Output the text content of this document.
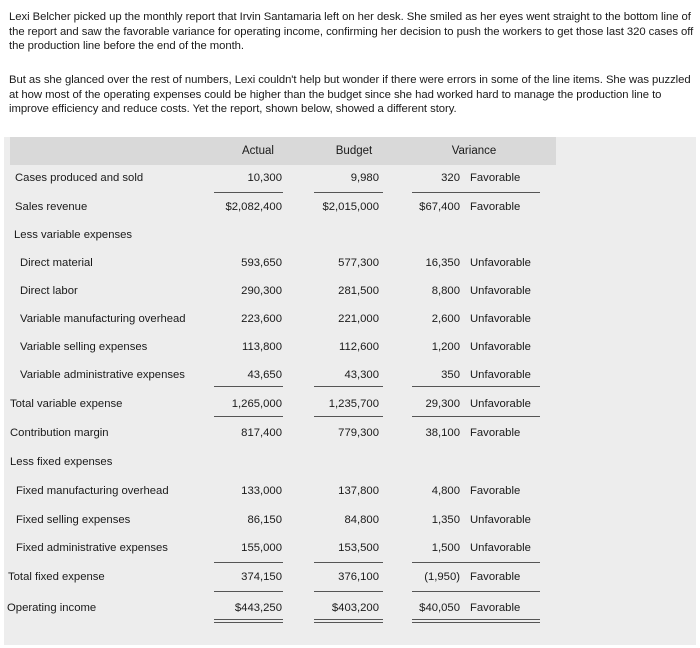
Lexi Belcher picked up the monthly report that Irvin Santamaria left on her desk. She smiled as her eyes went straight to the bottom line of the report and saw the favorable variance for operating income, confirming her decision to push the workers to get those last 320 cases off the production line before the end of the month.
But as she glanced over the rest of numbers, Lexi couldn't help but wonder if there were errors in some of the line items. She was puzzled at how most of the operating expenses could be higher than the budget since she had worked hard to manage the production line to improve efficiency and reduce costs. Yet the report, shown below, showed a different story.
Actual	Budget	Variance
Cases produced and sold	10,300	9,980	320 Favorable
Sales revenue	$2,082,400	$2,015,000	$67,400 Favorable
Less variable expenses
Direct material	593,650	577,300	16,350 Unfavorable
Direct labor	290,300	281,500	8,800 Unfavorable
Variable manufacturing overhead	223,600	221,000	2,600 Unfavorable
Variable selling expenses	113,800	112,600	1,200 Unfavorable
Variable administrative expenses	43,650	43,300	350 Unfavorable
Total variable expense	1,265,000	1,235,700	29,300 Unfavorable
Contribution margin	817,400	779,300	38,100 Favorable
Less fixed expenses
Fixed manufacturing overhead	133,000	137,800	4,800 Favorable
Fixed selling expenses	86,150	84,800	1,350 Unfavorable
Fixed administrative expenses	155,000	153,500	1,500 Unfavorable
Total fixed expense	374,150	376,100	(1,950) Favorable
Operating income	$443,250	$403,200	$40,050 Favorable
